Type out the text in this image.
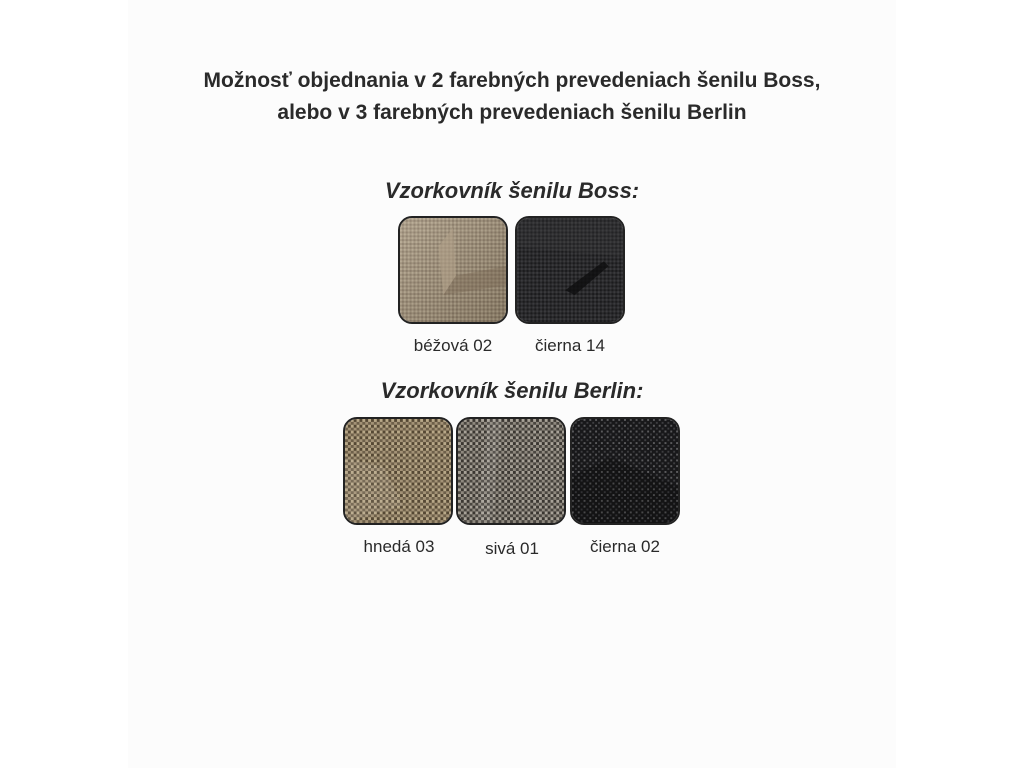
Možnosť objednania v 2 farebných prevedeniach šenilu Boss,
alebo v 3 farebných prevedeniach šenilu Berlin
Vzorkovník šenilu Boss:
béžová 02	čierna 14
Vzorkovník šenilu Berlin:
hnedá 03	sivá 01	čierna 02
